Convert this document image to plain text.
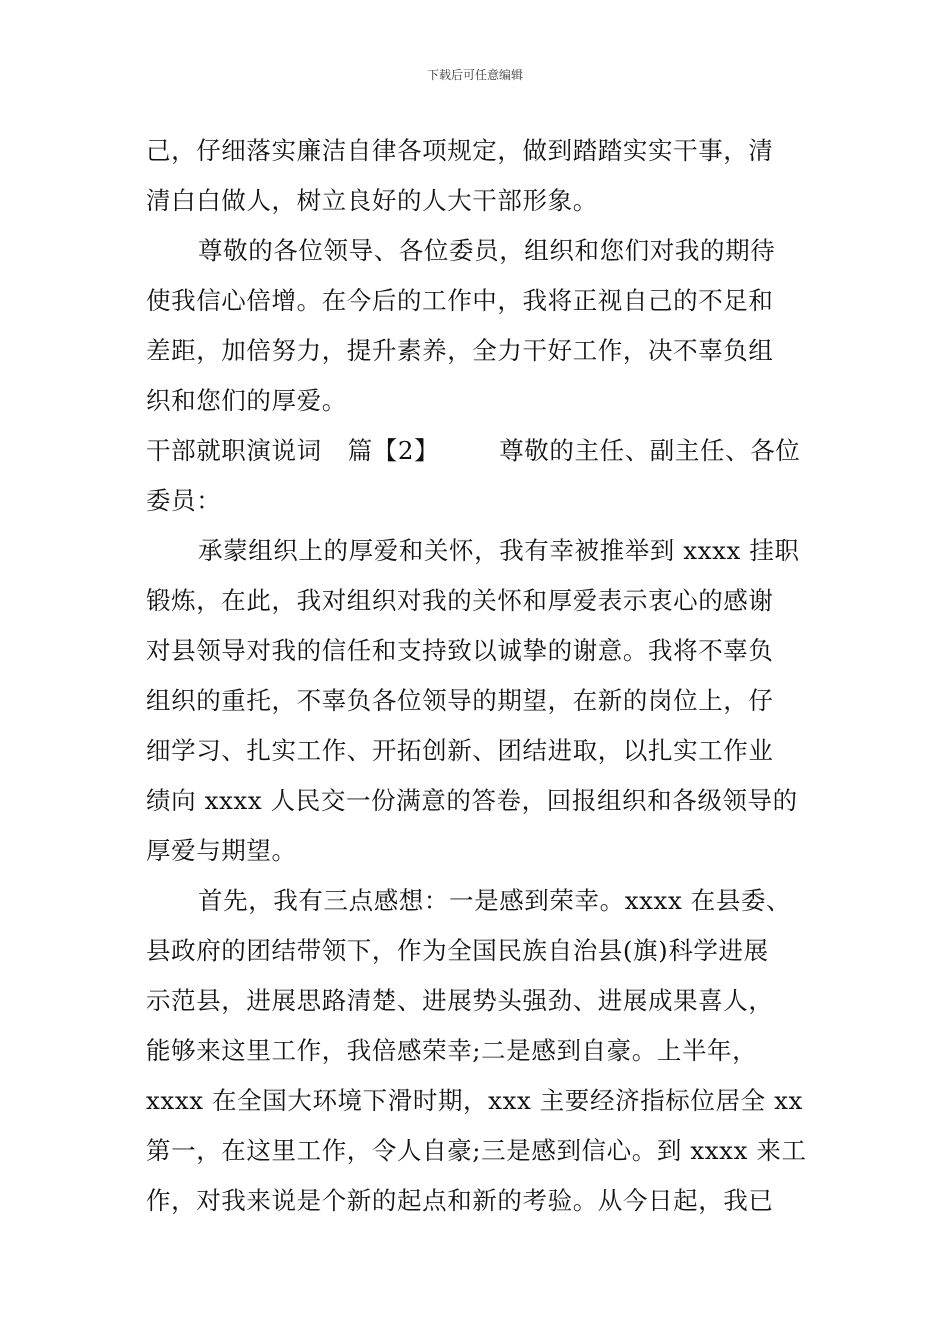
下载后可任意编辑
己，仔细落实廉洁自律各项规定，做到踏踏实实干事，清
清白白做人，树立良好的人大干部形象。
尊敬的各位领导、各位委员，组织和您们对我的期待
使我信心倍增。在今后的工作中，我将正视自己的不足和
差距，加倍努力，提升素养，全力干好工作，决不辜负组
织和您们的厚爱。
干部就职演说词 篇【2】 尊敬的主任、副主任、各位
委员：
承蒙组织上的厚爱和关怀，我有幸被推举到 xxxx 挂职
锻炼，在此，我对组织对我的关怀和厚爱表示衷心的感谢
对县领导对我的信任和支持致以诚挚的谢意。我将不辜负
组织的重托，不辜负各位领导的期望，在新的岗位上，仔
细学习、扎实工作、开拓创新、团结进取，以扎实工作业
绩向 xxxx 人民交一份满意的答卷，回报组织和各级领导的
厚爱与期望。
首先，我有三点感想：一是感到荣幸。xxxx 在县委、
县政府的团结带领下，作为全国民族自治县(旗)科学进展
示范县，进展思路清楚、进展势头强劲、进展成果喜人，
能够来这里工作，我倍感荣幸;二是感到自豪。上半年，
xxxx 在全国大环境下滑时期，xxx 主要经济指标位居全 xx
第一，在这里工作，令人自豪;三是感到信心。到 xxxx 来工
作，对我来说是个新的起点和新的考验。从今日起，我已
